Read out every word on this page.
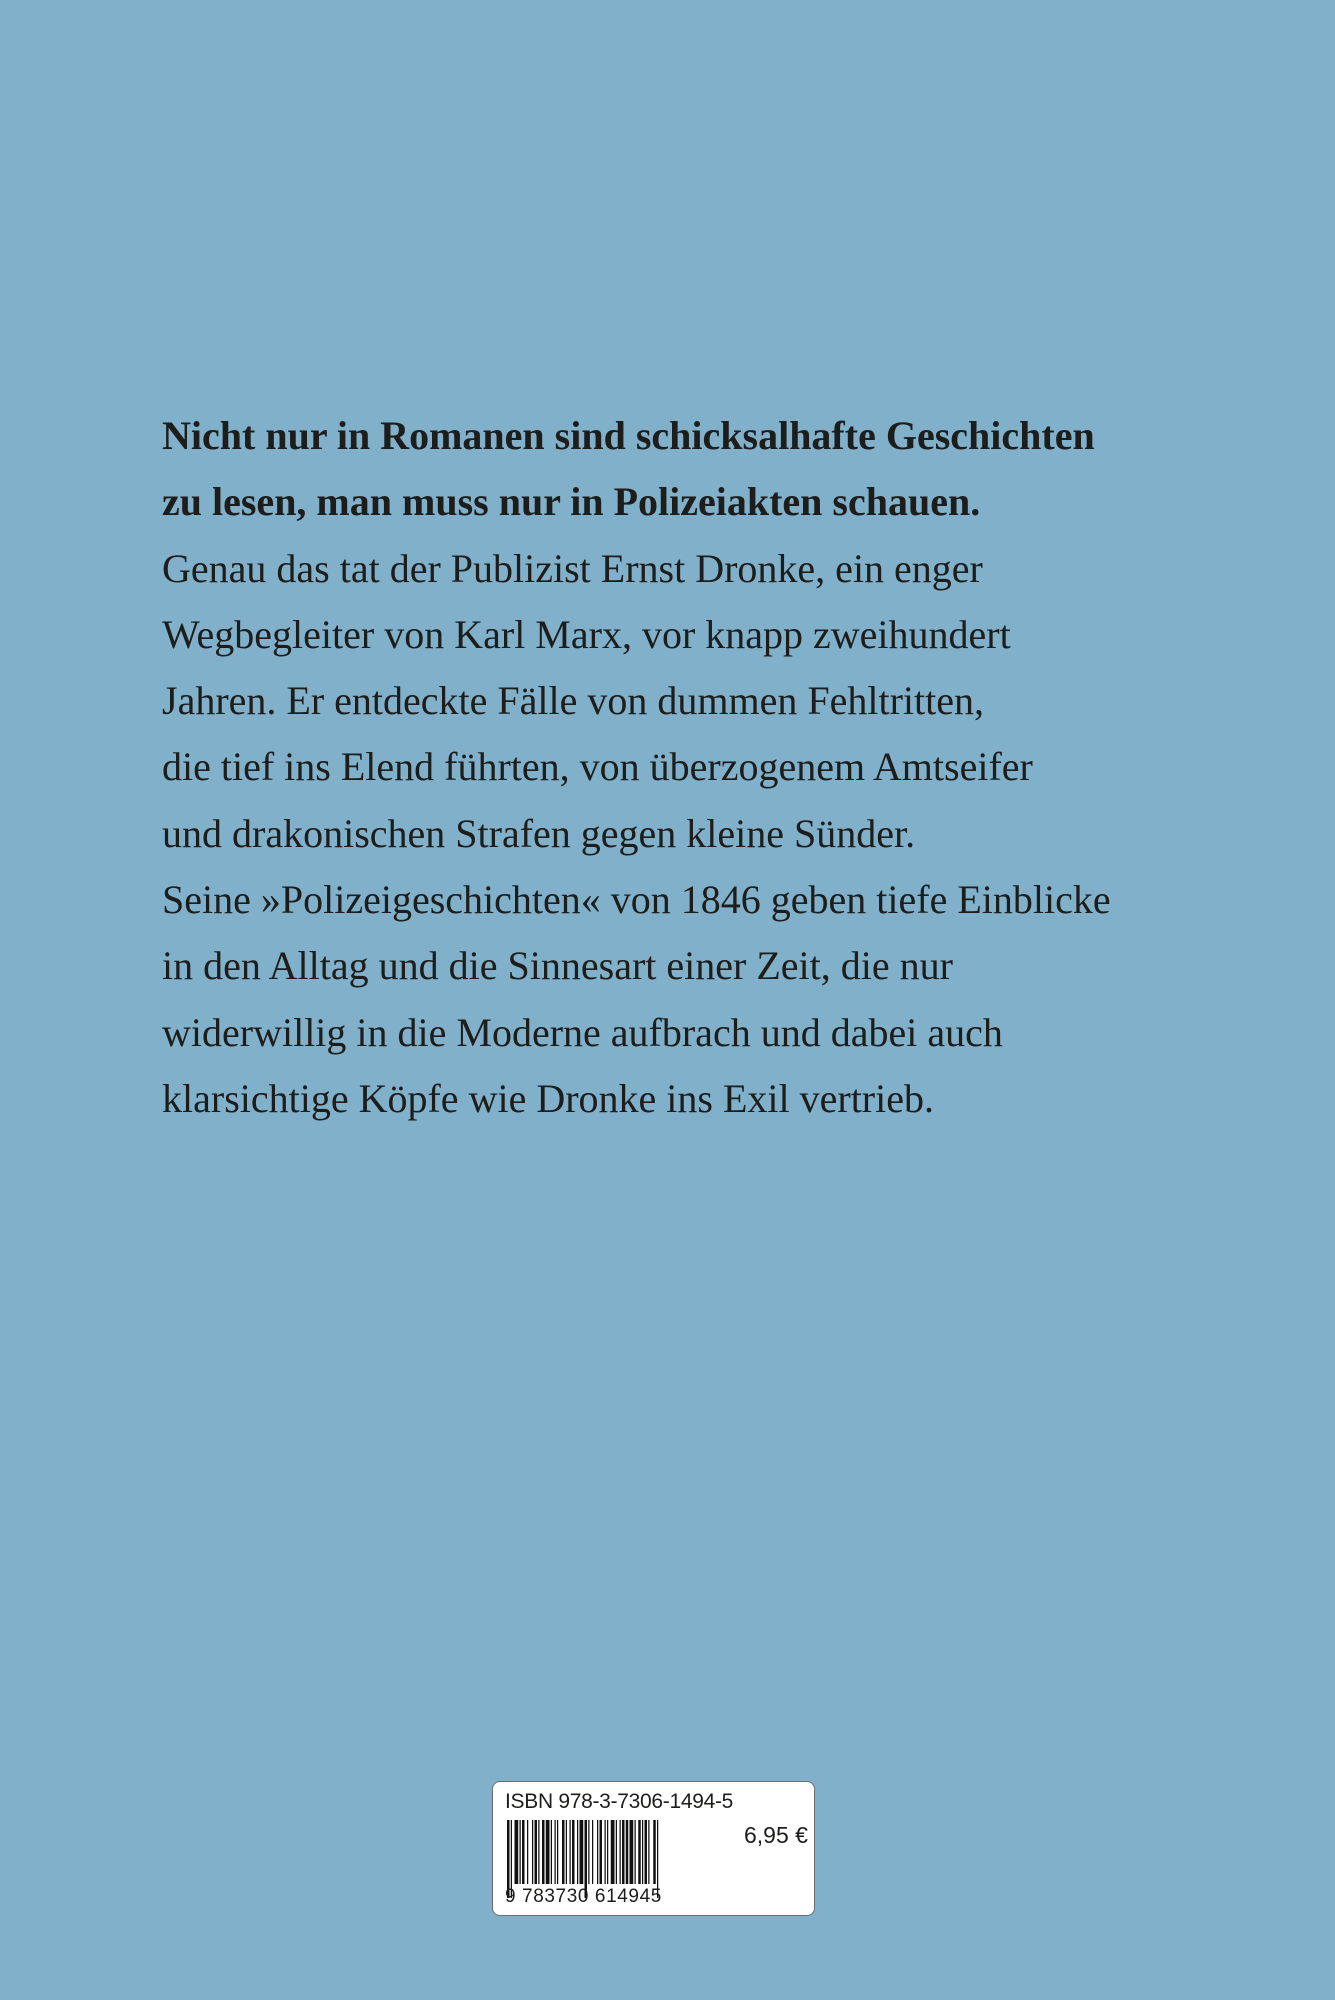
Nicht nur in Romanen sind schicksalhafte Geschichten
zu lesen, man muss nur in Polizeiakten schauen.
Genau das tat der Publizist Ernst Dronke, ein enger
Wegbegleiter von Karl Marx, vor knapp zweihundert
Jahren. Er entdeckte Fälle von dummen Fehltritten,
die tief ins Elend führten, von überzogenem Amtseifer
und drakonischen Strafen gegen kleine Sünder.
Seine »Polizeigeschichten« von 1846 geben tiefe Einblicke
in den Alltag und die Sinnesart einer Zeit, die nur
widerwillig in die Moderne aufbrach und dabei auch
klarsichtige Köpfe wie Dronke ins Exil vertrieb.
ISBN 978-3-7306-1494-5
9 783730 614945
6,95 €
